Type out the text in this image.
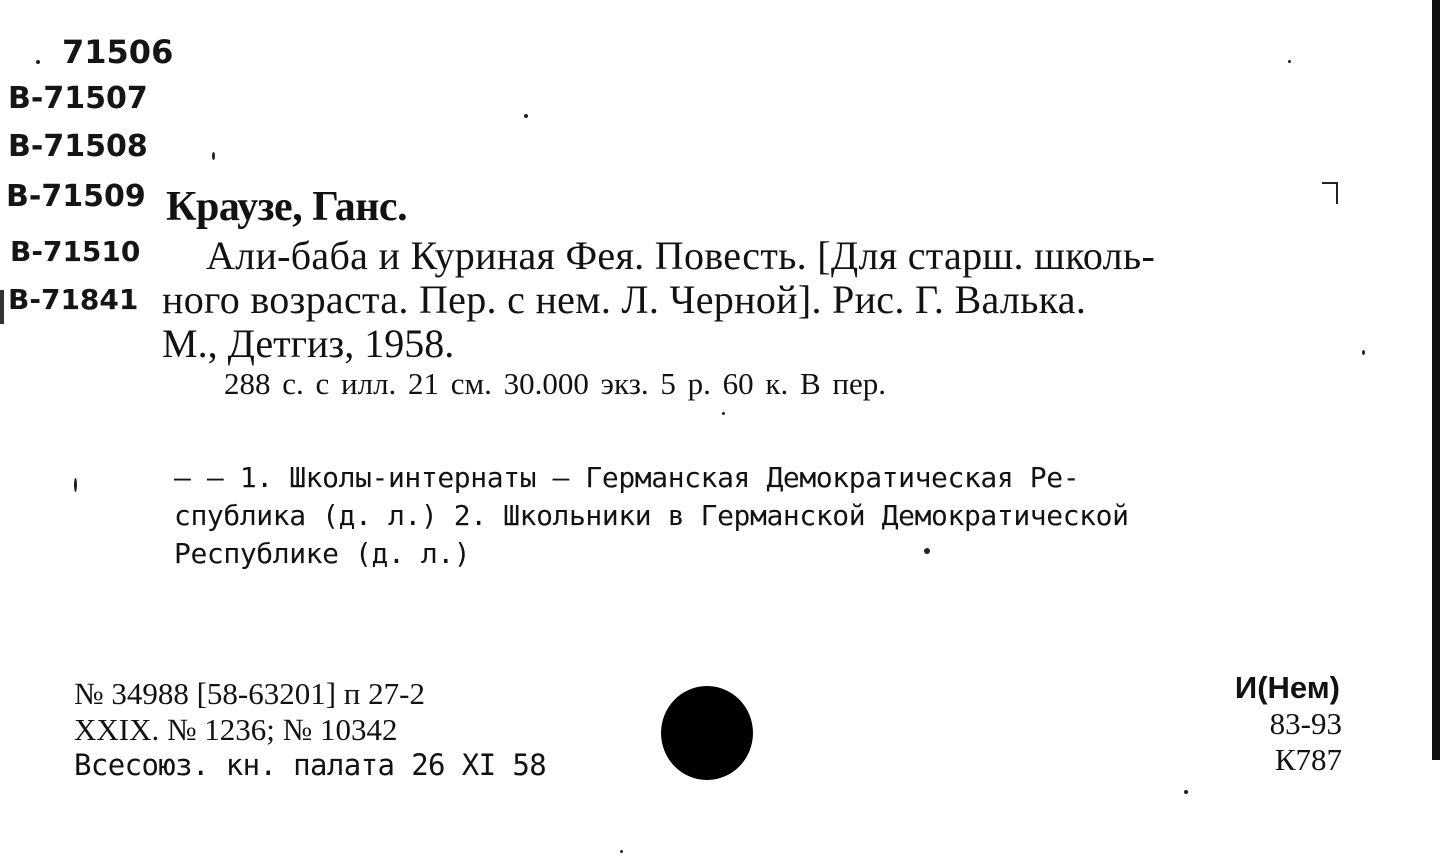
71506
B-71507
B-71508
B-71509
B-71510
B-71841
Краузе, Ганс.
Али-баба и Куриная Фея. Повесть. [Для старш. школь-
ного возраста. Пер. с нем. Л. Черной]. Рис. Г. Валька.
М., Детгиз, 1958.
288 с. с илл. 21 см. 30.000 экз. 5 р. 60 к. В пер.
— — 1. Школы-интернаты — Германская Демократическая Ре-
спублика (д. л.) 2. Школьники в Германской Демократической
Республике (д. л.)
№ 34988 [58-63201] п 27-2
XXIX. № 1236; № 10342
Всесоюз. кн. палата 26 XI 58
И(Нем)
83-93
К787
